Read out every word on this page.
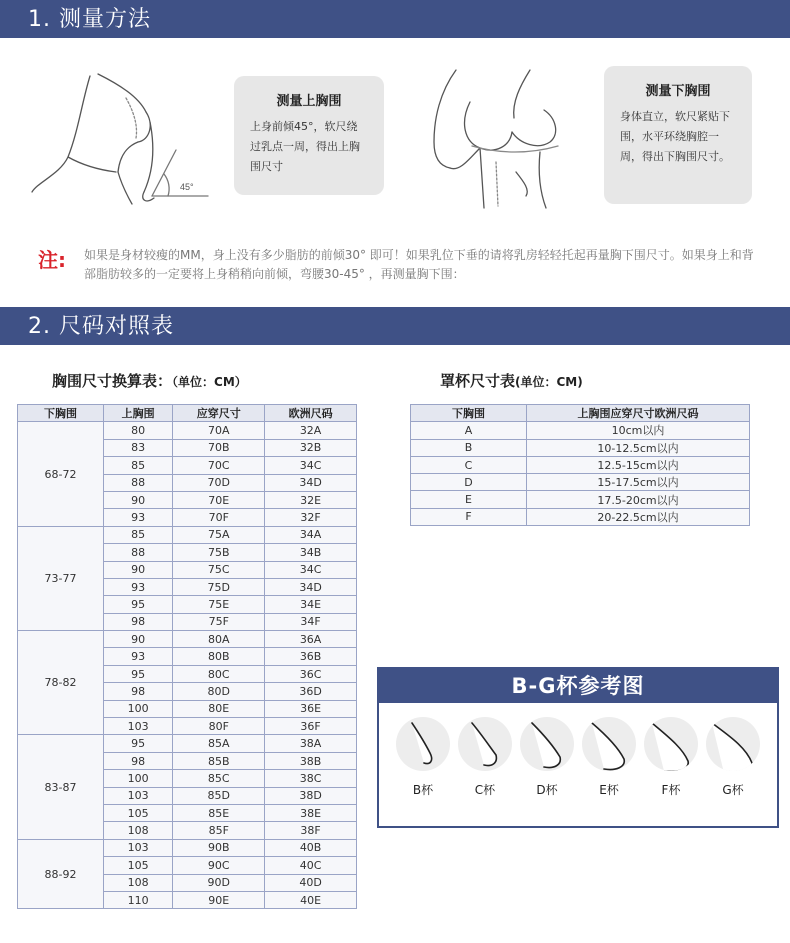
1. 测量方法
45°
测量上胸围

上身前倾45°，软尺绕过乳点一周，得出上胸围尺寸

测量下胸围

身体直立，软尺紧贴下围，水平环绕胸腔一周，得出下胸围尺寸。

注: 如果是身材较瘦的MM，身上没有多少脂肪的前倾30° 即可！如果乳位下垂的请将乳房轻轻托起再量胸下围尺寸。如果身上和背部脂肪较多的一定要将上身稍稍向前倾，弯腰30-45° ，再测量胸下围：

2. 尺码对照表
胸围尺寸换算表：（单位：CM）	罩杯尺寸表(单位：CM)
下胸围	上胸围	应穿尺寸	欧洲尺码
68-72	80	70A	32A
	83	70B	32B
	85	70C	34C
	88	70D	34D
	90	70E	32E
	93	70F	32F
73-77	85	75A	34A
	88	75B	34B
	90	75C	34C
	93	75D	34D
	95	75E	34E
	98	75F	34F
78-82	90	80A	36A
	93	80B	36B
	95	80C	36C
	98	80D	36D
	100	80E	36E
	103	80F	36F
83-87	95	85A	38A
	98	85B	38B
	100	85C	38C
	103	85D	38D
	105	85E	38E
	108	85F	38F
88-92	103	90B	40B
	105	90C	40C
	108	90D	40D
	110	90E	40E
下胸围	上胸围应穿尺寸欧洲尺码
A	10cm以内
B	10-12.5cm以内
C	12.5-15cm以内
D	15-17.5cm以内
E	17.5-20cm以内
F	20-22.5cm以内
B-G杯参考图
B杯	C杯	D杯	E杯	F杯	G杯
